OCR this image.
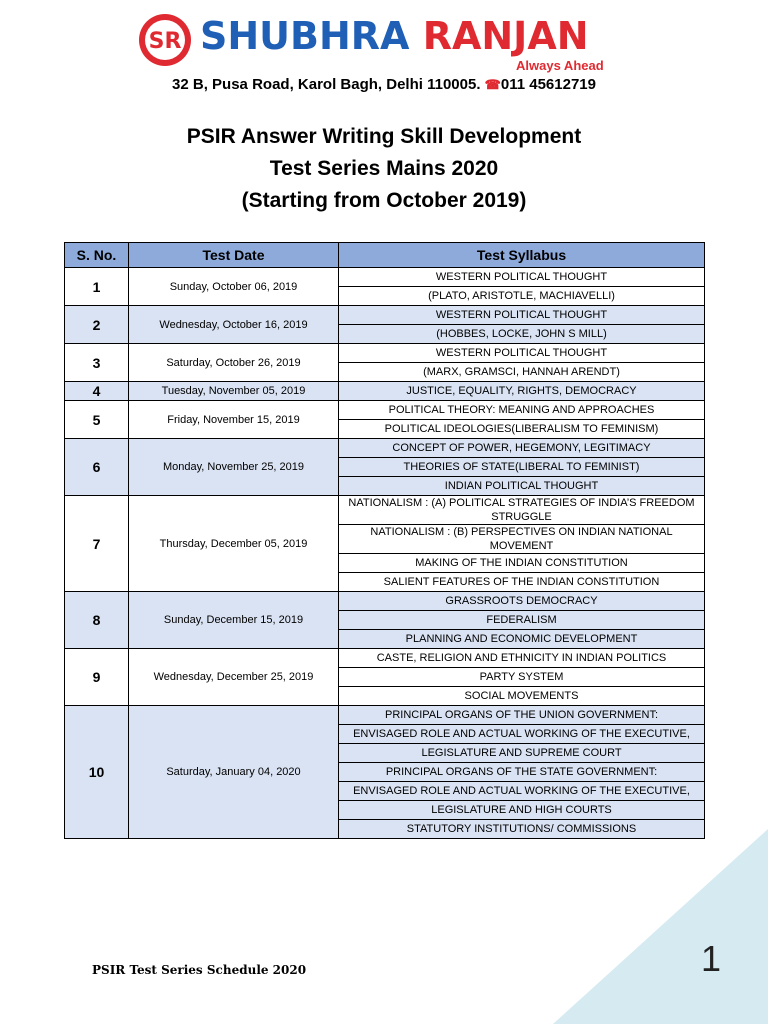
SR SHUBHRA RANJAN
Always Ahead
32 B, Pusa Road, Karol Bagh, Delhi 110005. ☎011 45612719
PSIR Answer Writing Skill Development
Test Series Mains 2020
(Starting from October 2019)
S. No.	Test Date	Test Syllabus
1	Sunday, October 06, 2019	WESTERN POLITICAL THOUGHT
		(PLATO, ARISTOTLE, MACHIAVELLI)
2	Wednesday, October 16, 2019	WESTERN POLITICAL THOUGHT
		(HOBBES, LOCKE, JOHN S MILL)
3	Saturday, October 26, 2019	WESTERN POLITICAL THOUGHT
		(MARX, GRAMSCI, HANNAH ARENDT)
4	Tuesday, November 05, 2019	JUSTICE, EQUALITY, RIGHTS, DEMOCRACY
5	Friday, November 15, 2019	POLITICAL THEORY: MEANING AND APPROACHES
		POLITICAL IDEOLOGIES(LIBERALISM TO FEMINISM)
6	Monday, November 25, 2019	CONCEPT OF POWER, HEGEMONY, LEGITIMACY
		THEORIES OF STATE(LIBERAL TO FEMINIST)
		INDIAN POLITICAL THOUGHT
7	Thursday, December 05, 2019	NATIONALISM : (A) POLITICAL STRATEGIES OF INDIA’S FREEDOM STRUGGLE
		NATIONALISM : (B) PERSPECTIVES ON INDIAN NATIONAL MOVEMENT
		MAKING OF THE INDIAN CONSTITUTION
		SALIENT FEATURES OF THE INDIAN CONSTITUTION
8	Sunday, December 15, 2019	GRASSROOTS DEMOCRACY
		FEDERALISM
		PLANNING AND ECONOMIC DEVELOPMENT
9	Wednesday, December 25, 2019	CASTE, RELIGION AND ETHNICITY IN INDIAN POLITICS
		PARTY SYSTEM
		SOCIAL MOVEMENTS
10	Saturday, January 04, 2020	PRINCIPAL ORGANS OF THE UNION GOVERNMENT:
		ENVISAGED ROLE AND ACTUAL WORKING OF THE EXECUTIVE,
		LEGISLATURE AND SUPREME COURT
		PRINCIPAL ORGANS OF THE STATE GOVERNMENT:
		ENVISAGED ROLE AND ACTUAL WORKING OF THE EXECUTIVE,
		LEGISLATURE AND HIGH COURTS
		STATUTORY INSTITUTIONS/ COMMISSIONS
PSIR Test Series Schedule 2020	1
